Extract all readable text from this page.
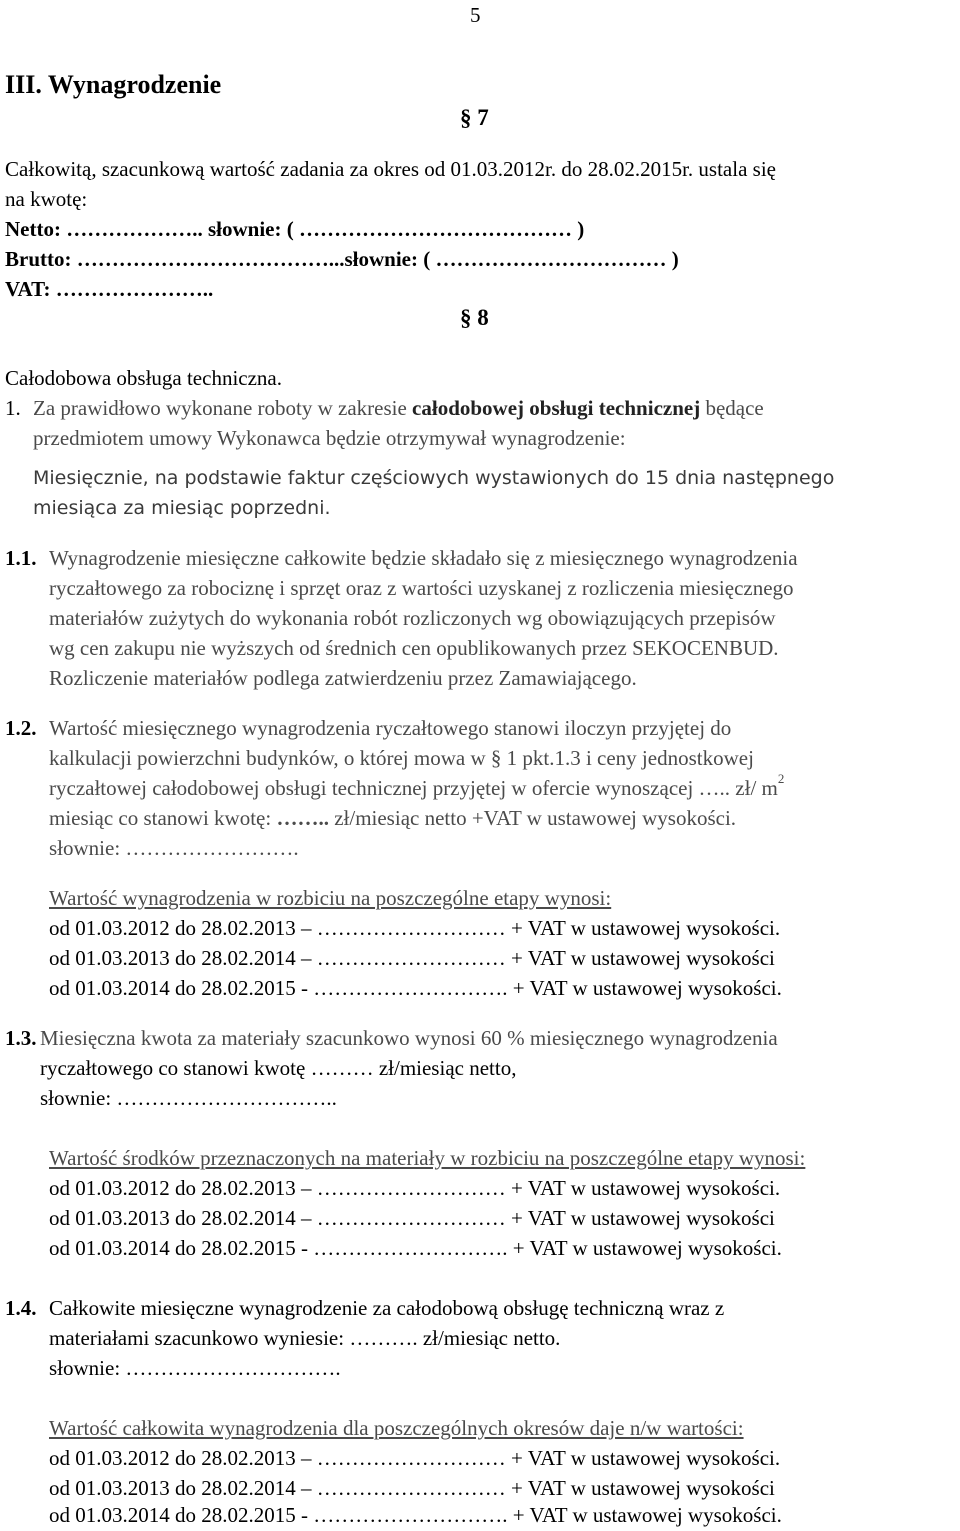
5
III. Wynagrodzenie
§ 7
Całkowitą, szacunkową wartość zadania za okres od 01.03.2012r. do 28.02.2015r. ustala się
na kwotę:
Netto: ……………….. słownie: ( ………………………………… )
Brutto: ………………………………...słownie: ( …………………………… )
VAT: …………………..
§ 8
Całodobowa obsługa techniczna.
1. Za prawidłowo wykonane roboty w zakresie całodobowej obsługi technicznej będące
przedmiotem umowy Wykonawca będzie otrzymywał wynagrodzenie:
Miesięcznie, na podstawie faktur częściowych wystawionych do 15 dnia następnego
miesiąca za miesiąc poprzedni.
1.1. Wynagrodzenie miesięczne całkowite będzie składało się z miesięcznego wynagrodzenia
ryczałtowego za robociznę i sprzęt oraz z wartości uzyskanej z rozliczenia miesięcznego
materiałów zużytych do wykonania robót rozliczonych wg obowiązujących przepisów
wg cen zakupu nie wyższych od średnich cen opublikowanych przez SEKOCENBUD.
Rozliczenie materiałów podlega zatwierdzeniu przez Zamawiającego.
1.2. Wartość miesięcznego wynagrodzenia ryczałtowego stanowi iloczyn przyjętej do
kalkulacji powierzchni budynków, o której mowa w § 1 pkt.1.3 i ceny jednostkowej
ryczałtowej całodobowej obsługi technicznej przyjętej w ofercie wynoszącej ….. zł/ $m^2$
miesiąc co stanowi kwotę: …….. zł/miesiąc netto +VAT w ustawowej wysokości.
słownie: …………………….
Wartość wynagrodzenia w rozbiciu na poszczególne etapy wynosi:
od 01.03.2012 do 28.02.2013 – ……………………… + VAT w ustawowej wysokości.
od 01.03.2013 do 28.02.2014 – ……………………… + VAT w ustawowej wysokości
od 01.03.2014 do 28.02.2015 - ………………………. + VAT w ustawowej wysokości.
1.3. Miesięczna kwota za materiały szacunkowo wynosi 60 % miesięcznego wynagrodzenia
ryczałtowego co stanowi kwotę ……… zł/miesiąc netto,
słownie: …………………………..
Wartość środków przeznaczonych na materiały w rozbiciu na poszczególne etapy wynosi:
od 01.03.2012 do 28.02.2013 – ……………………… + VAT w ustawowej wysokości.
od 01.03.2013 do 28.02.2014 – ……………………… + VAT w ustawowej wysokości
od 01.03.2014 do 28.02.2015 - ………………………. + VAT w ustawowej wysokości.
1.4. Całkowite miesięczne wynagrodzenie za całodobową obsługę techniczną wraz z
materiałami szacunkowo wyniesie: ………. zł/miesiąc netto.
słownie: ………………………….
Wartość całkowita wynagrodzenia dla poszczególnych okresów daje n/w wartości:
od 01.03.2012 do 28.02.2013 – ……………………… + VAT w ustawowej wysokości.
od 01.03.2013 do 28.02.2014 – ……………………… + VAT w ustawowej wysokości
od 01.03.2014 do 28.02.2015 - ………………………. + VAT w ustawowej wysokości.
